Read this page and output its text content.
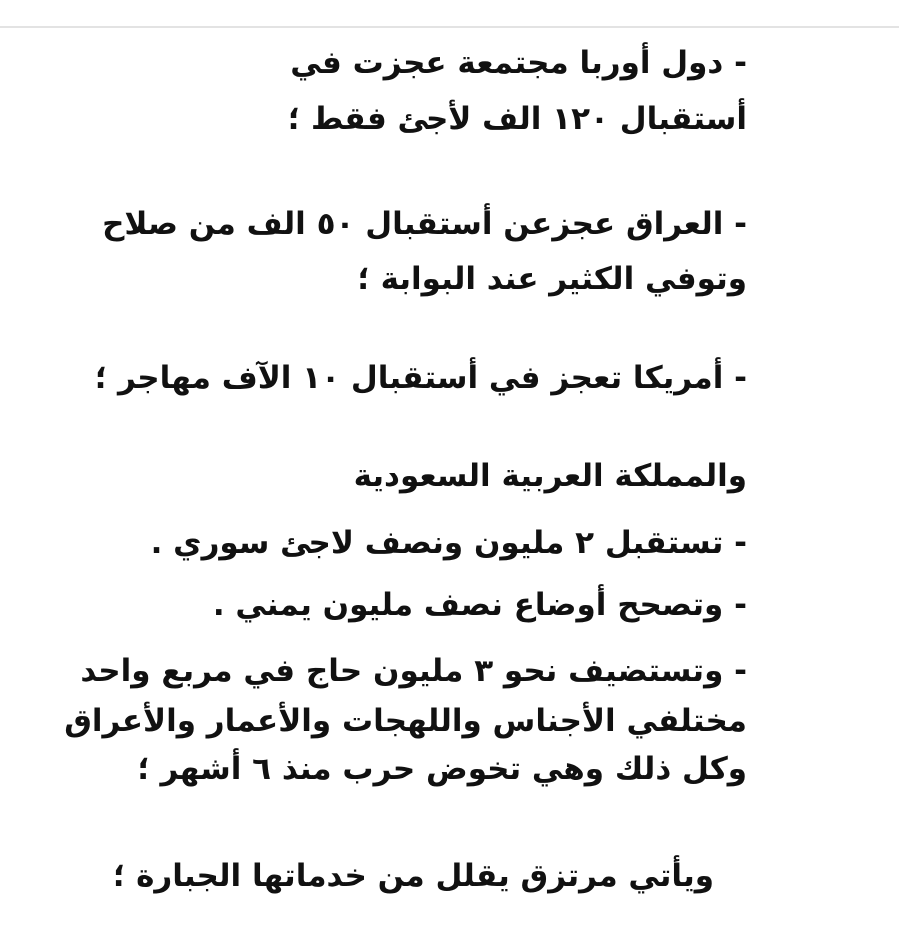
- دول أوربا مجتمعة عجزت في
أستقبال ١٢٠ الف لأجئ فقط ؛
- العراق عجزعن أستقبال ٥٠ الف من صلاح
وتوفي الكثير عند البوابة ؛
- أمريكا تعجز في أستقبال ١٠ الآف مهاجر ؛
والمملكة العربية السعودية
- تستقبل ٢ مليون ونصف لاجئ سوري .
- وتصحح أوضاع نصف مليون يمني .
- وتستضيف نحو ٣ مليون حاج في مربع واحد
مختلفي الأجناس واللهجات والأعمار والأعراق
وكل ذلك وهي تخوض حرب منذ ٦ أشهر ؛
ويأتي مرتزق يقلل من خدماتها الجبارة ؛
